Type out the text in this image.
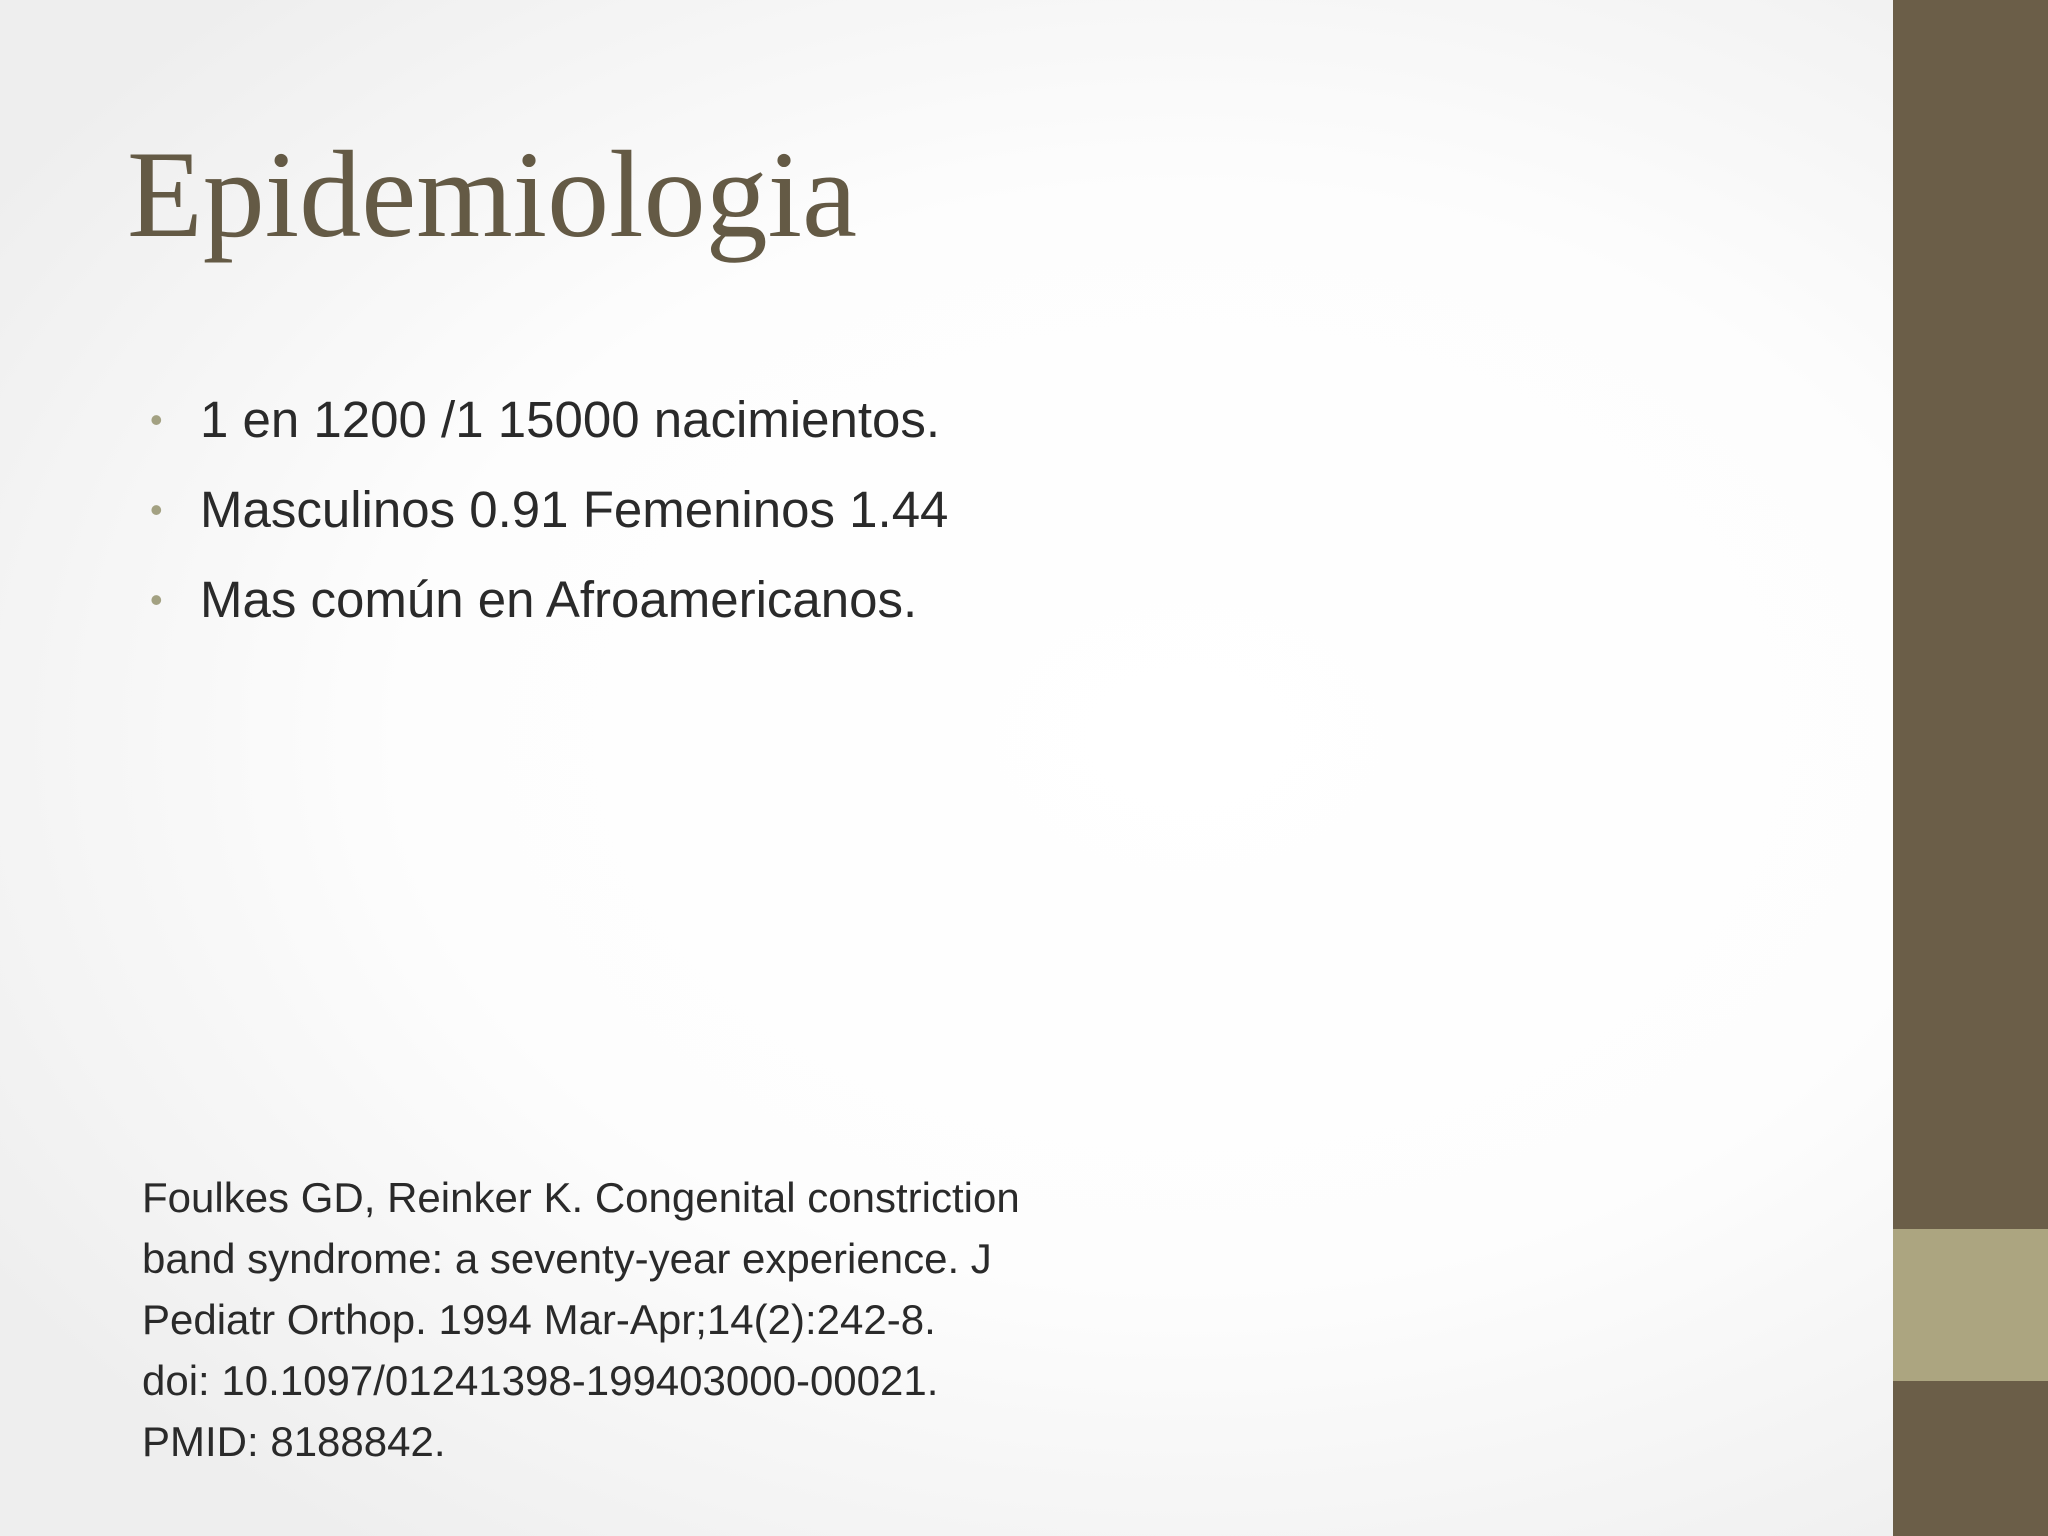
Epidemiologia
• 1 en 1200 /1 15000 nacimientos.
• Masculinos 0.91 Femeninos 1.44
• Mas común en Afroamericanos.
Foulkes GD, Reinker K. Congenital constriction
band syndrome: a seventy-year experience. J
Pediatr Orthop. 1994 Mar-Apr;14(2):242-8.
doi: 10.1097/01241398-199403000-00021.
PMID: 8188842.
